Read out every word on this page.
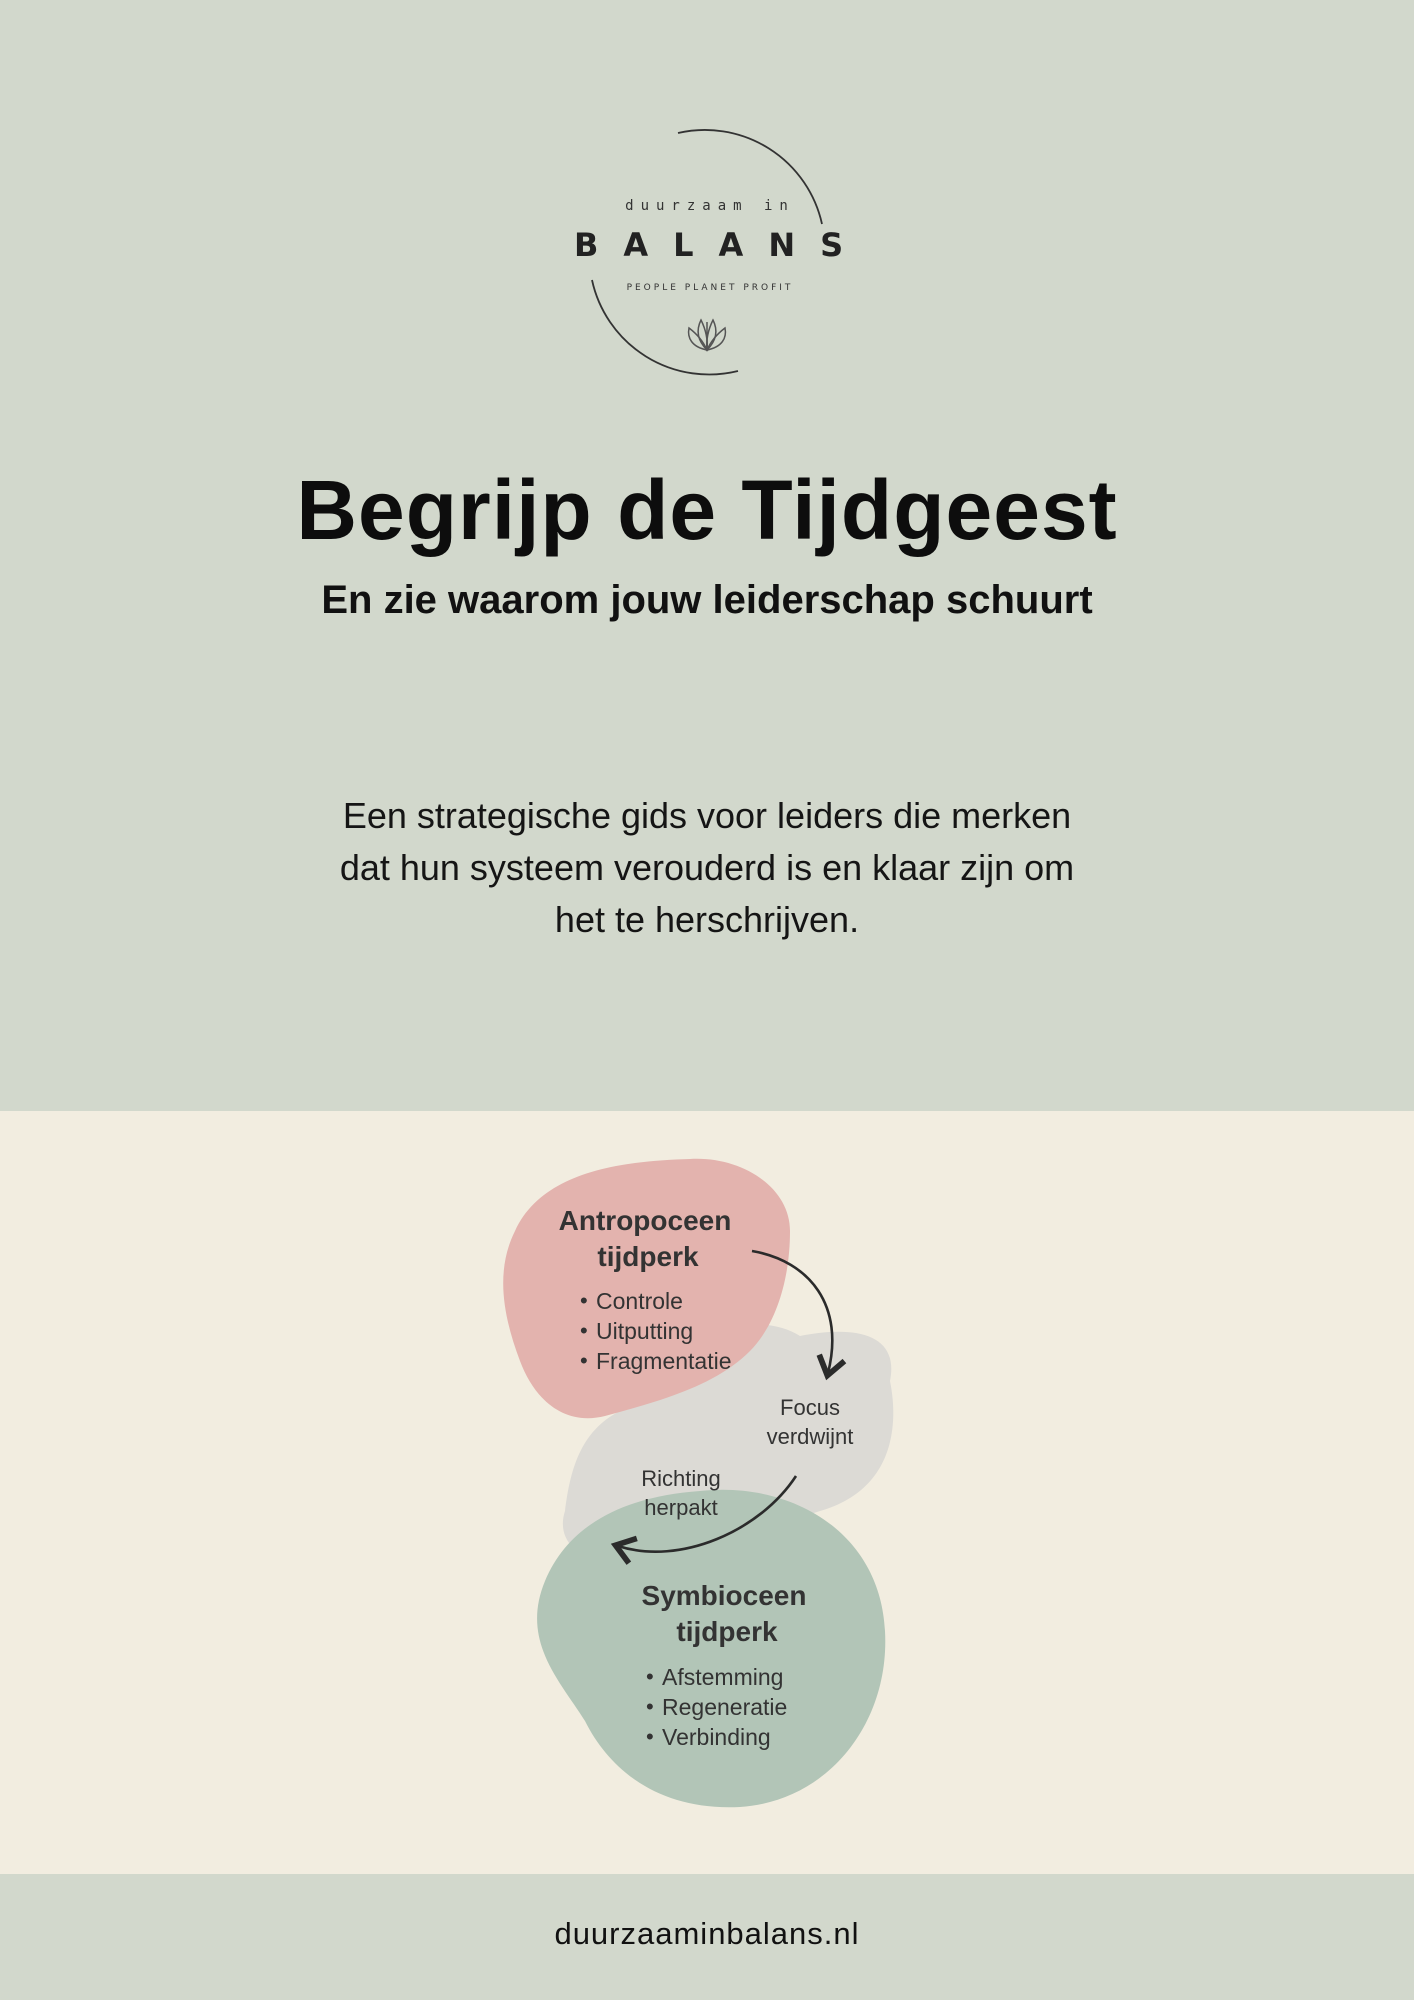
duurzaam in
BALANS
PEOPLE PLANET PROFIT
Begrijp de Tijdgeest
En zie waarom jouw leiderschap schuurt
Een strategische gids voor leiders die merken
dat hun systeem verouderd is en klaar zijn om
het te herschrijven.
Antropoceen
tijdperk
• Controle
• Uitputting
• Fragmentatie
Focus
verdwijnt
Richting
herpakt
Symbioceen
tijdperk
• Afstemming
• Regeneratie
• Verbinding
duurzaaminbalans.nl
